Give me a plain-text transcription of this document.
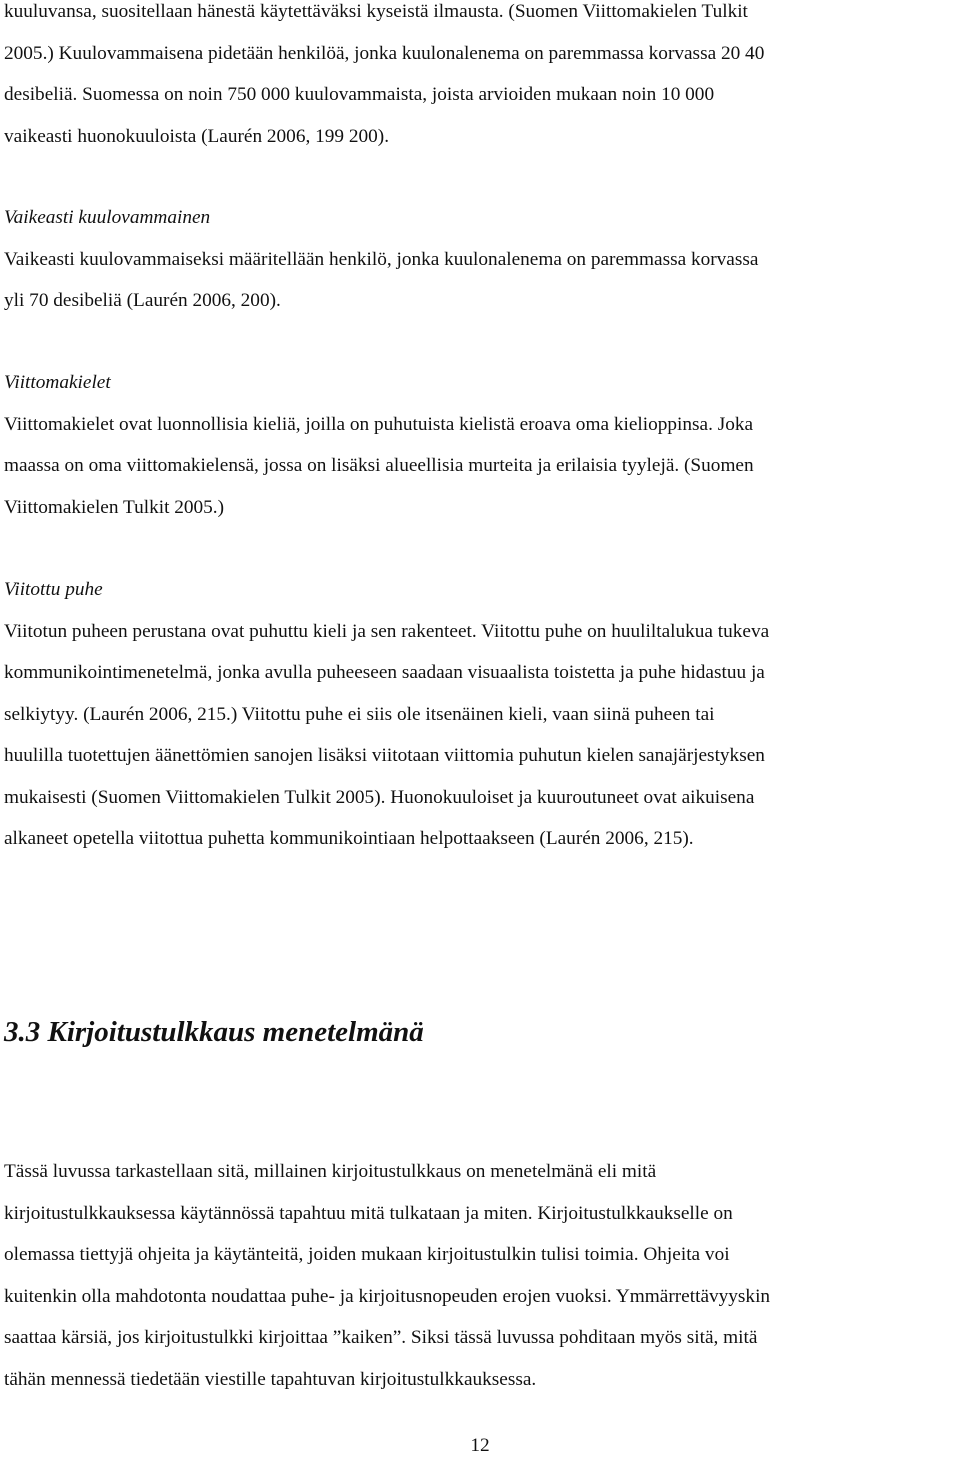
kuuluvansa, suositellaan hänestä käytettäväksi kyseistä ilmausta. (Suomen Viittomakielen Tulkit
2005.) Kuulovammaisena pidetään henkilöä, jonka kuulonalenema on paremmassa korvassa 20 40
desibeliä. Suomessa on noin 750 000 kuulovammaista, joista arvioiden mukaan noin 10 000
vaikeasti huonokuuloista (Laurén 2006, 199 200).
Vaikeasti kuulovammainen
Vaikeasti kuulovammaiseksi määritellään henkilö, jonka kuulonalenema on paremmassa korvassa
yli 70 desibeliä (Laurén 2006, 200).
Viittomakielet
Viittomakielet ovat luonnollisia kieliä, joilla on puhutuista kielistä eroava oma kielioppinsa. Joka
maassa on oma viittomakielensä, jossa on lisäksi alueellisia murteita ja erilaisia tyylejä. (Suomen
Viittomakielen Tulkit 2005.)
Viitottu puhe
Viitotun puheen perustana ovat puhuttu kieli ja sen rakenteet. Viitottu puhe on huuliltalukua tukeva
kommunikointimenetelmä, jonka avulla puheeseen saadaan visuaalista toistetta ja puhe hidastuu ja
selkiytyy. (Laurén 2006, 215.) Viitottu puhe ei siis ole itsenäinen kieli, vaan siinä puheen tai
huulilla tuotettujen äänettömien sanojen lisäksi viitotaan viittomia puhutun kielen sanajärjestyksen
mukaisesti (Suomen Viittomakielen Tulkit 2005). Huonokuuloiset ja kuuroutuneet ovat aikuisena
alkaneet opetella viitottua puhetta kommunikointiaan helpottaakseen (Laurén 2006, 215).
3.3 Kirjoitustulkkaus menetelmänä
Tässä luvussa tarkastellaan sitä, millainen kirjoitustulkkaus on menetelmänä eli mitä
kirjoitustulkkauksessa käytännössä tapahtuu mitä tulkataan ja miten. Kirjoitustulkkaukselle on
olemassa tiettyjä ohjeita ja käytänteitä, joiden mukaan kirjoitustulkin tulisi toimia. Ohjeita voi
kuitenkin olla mahdotonta noudattaa puhe- ja kirjoitusnopeuden erojen vuoksi. Ymmärrettävyyskin
saattaa kärsiä, jos kirjoitustulkki kirjoittaa ”kaiken”. Siksi tässä luvussa pohditaan myös sitä, mitä
tähän mennessä tiedetään viestille tapahtuvan kirjoitustulkkauksessa.
12
